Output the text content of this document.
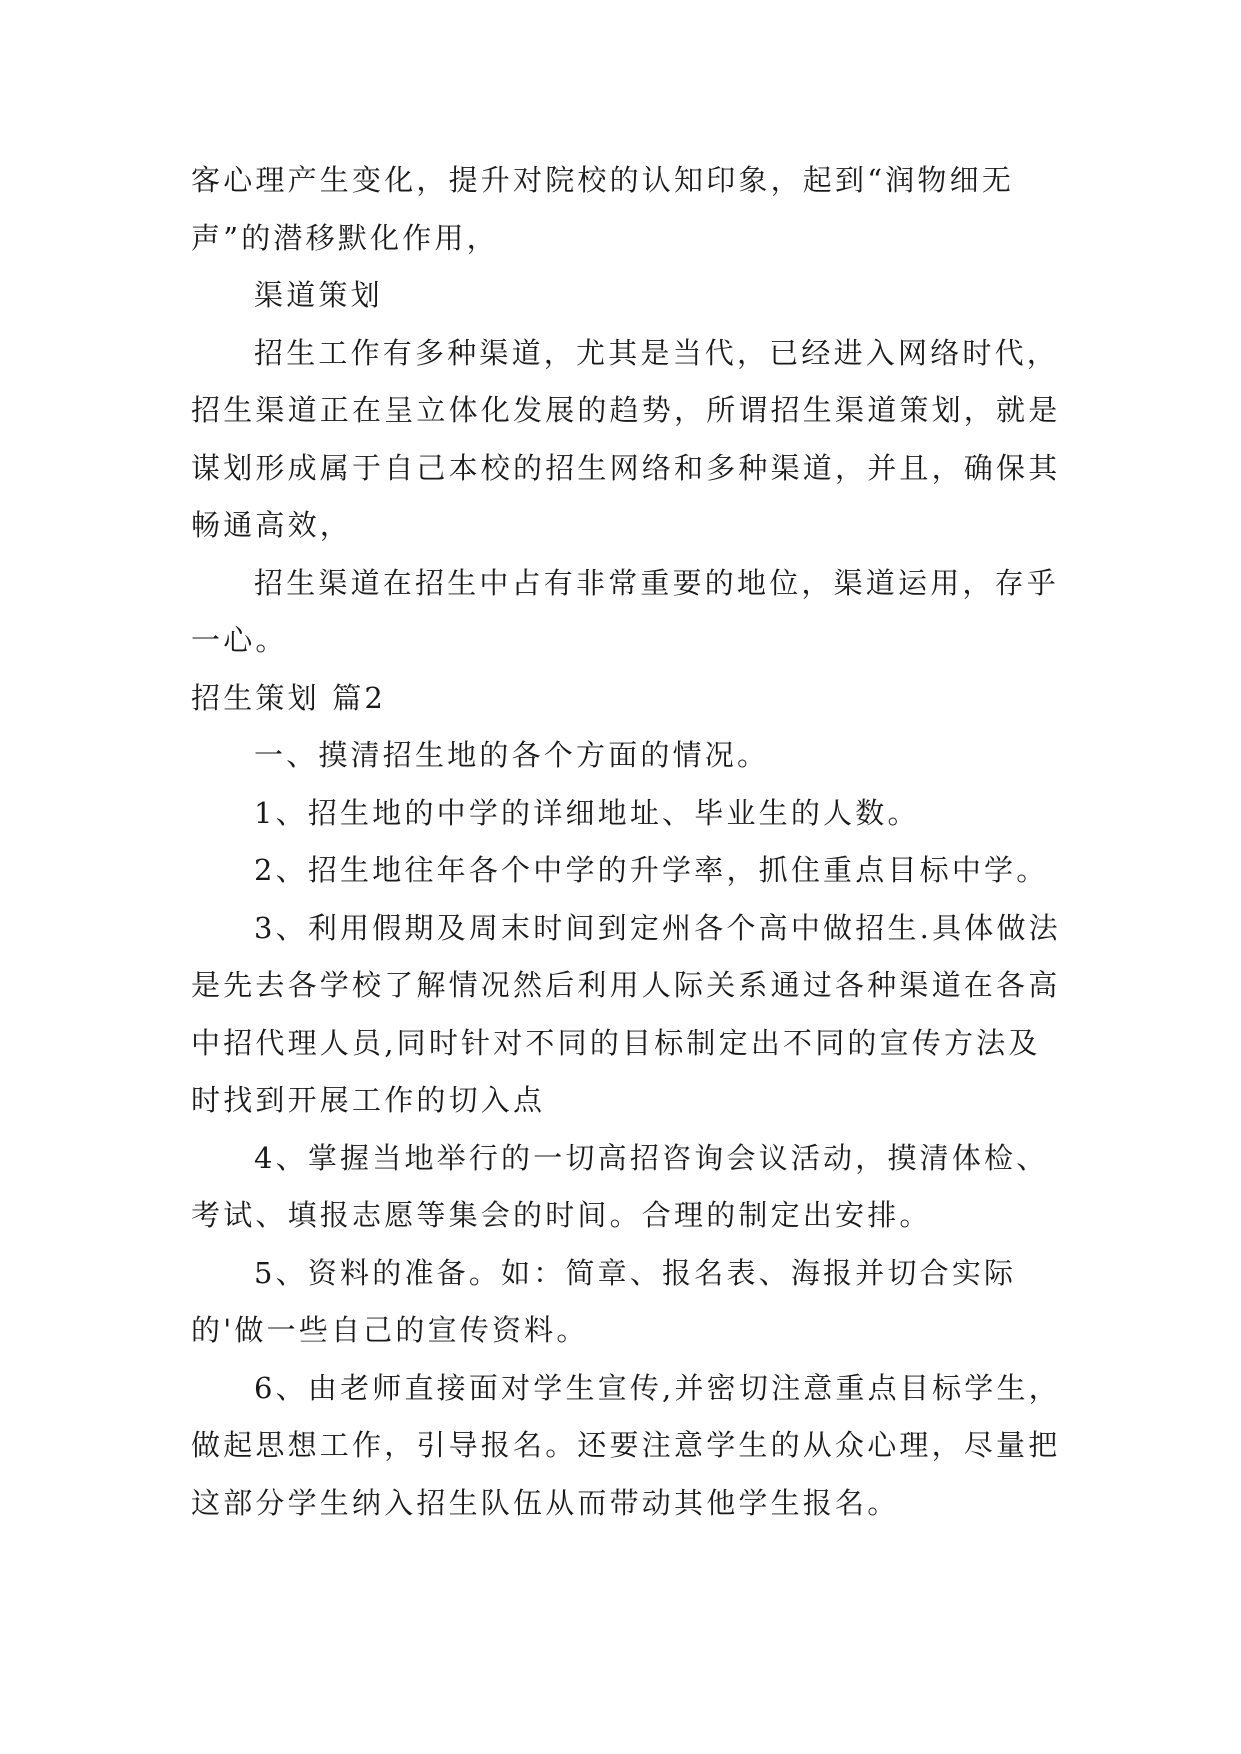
客心理产生变化，提升对院校的认知印象，起到“润物细无声”的潜移默化作用，

渠道策划

招生工作有多种渠道，尤其是当代，已经进入网络时代，招生渠道正在呈立体化发展的趋势，所谓招生渠道策划，就是谋划形成属于自己本校的招生网络和多种渠道，并且，确保其畅通高效，

招生渠道在招生中占有非常重要的地位，渠道运用，存乎一心。

招生策划 篇2

一、摸清招生地的各个方面的情况。

1、招生地的中学的详细地址、毕业生的人数。

2、招生地往年各个中学的升学率，抓住重点目标中学。

3、利用假期及周末时间到定州各个高中做招生.具体做法是先去各学校了解情况然后利用人际关系通过各种渠道在各高中招代理人员,同时针对不同的目标制定出不同的宣传方法及时找到开展工作的切入点

4、掌握当地举行的一切高招咨询会议活动，摸清体检、考试、填报志愿等集会的时间。合理的制定出安排。

5、资料的准备。如：简章、报名表、海报并切合实际的'做一些自己的宣传资料。

6、由老师直接面对学生宣传,并密切注意重点目标学生，做起思想工作，引导报名。还要注意学生的从众心理，尽量把这部分学生纳入招生队伍从而带动其他学生报名。
